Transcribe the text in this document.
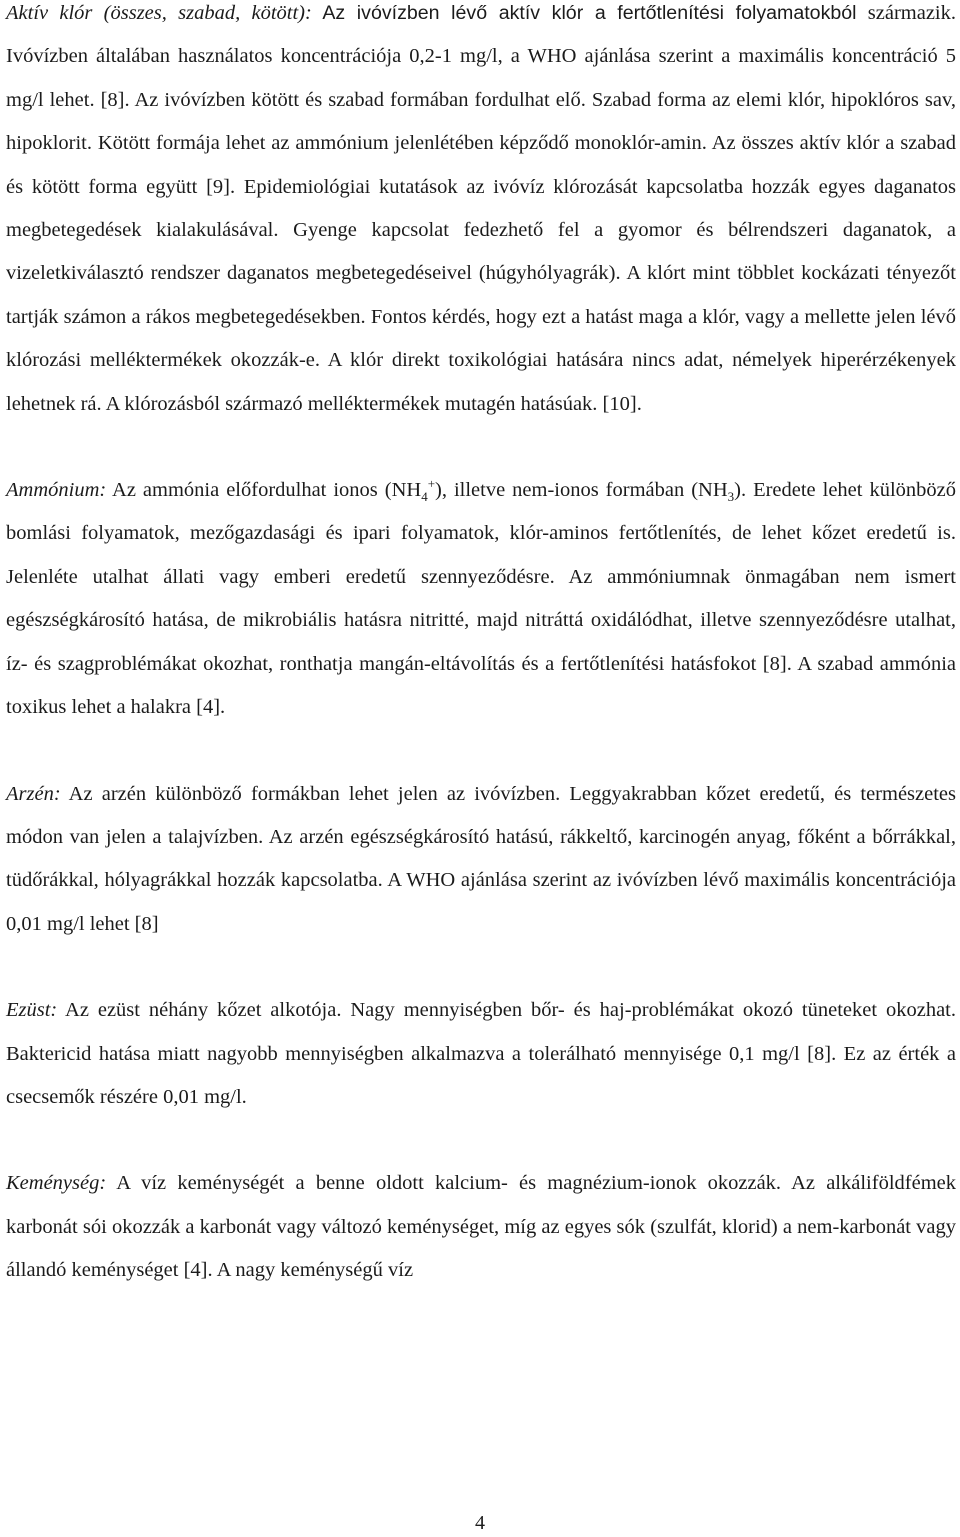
Aktív klór (összes, szabad, kötött): Az ivóvízben lévő aktív klór a fertőtlenítési folyamatokból származik. Ivóvízben általában használatos koncentrációja 0,2-1 mg/l, a WHO ajánlása szerint a maximális koncentráció 5 mg/l lehet. [8]. Az ivóvízben kötött és szabad formában fordulhat elő. Szabad forma az elemi klór, hipoklóros sav, hipoklorit. Kötött formája lehet az ammónium jelenlétében képződő monoklór-amin. Az összes aktív klór a szabad és kötött forma együtt [9]. Epidemiológiai kutatások az ivóvíz klórozását kapcsolatba hozzák egyes daganatos megbetegedések kialakulásával. Gyenge kapcsolat fedezhető fel a gyomor és bélrendszeri daganatok, a vizeletkiválasztó rendszer daganatos megbetegedéseivel (húgyhólyagrák). A klórt mint többlet kockázati tényezőt tartják számon a rákos megbetegedésekben. Fontos kérdés, hogy ezt a hatást maga a klór, vagy a mellette jelen lévő klórozási melléktermékek okozzák-e. A klór direkt toxikológiai hatására nincs adat, némelyek hiperérzékenyek lehetnek rá. A klórozásból származó melléktermékek mutagén hatásúak. [10].

Ammónium: Az ammónia előfordulhat ionos $(NH_4^+)$, illetve nem-ionos formában $(NH_3)$. Eredete lehet különböző bomlási folyamatok, mezőgazdasági és ipari folyamatok, klór-aminos fertőtlenítés, de lehet kőzet eredetű is. Jelenléte utalhat állati vagy emberi eredetű szennyeződésre. Az ammóniumnak önmagában nem ismert egészségkárosító hatása, de mikrobiális hatásra nitritté, majd nitráttá oxidálódhat, illetve szennyeződésre utalhat, íz- és szagproblémákat okozhat, ronthatja mangán-eltávolítás és a fertőtlenítési hatásfokot [8]. A szabad ammónia toxikus lehet a halakra [4].

Arzén: Az arzén különböző formákban lehet jelen az ivóvízben. Leggyakrabban kőzet eredetű, és természetes módon van jelen a talajvízben. Az arzén egészségkárosító hatású, rákkeltő, karcinogén anyag, főként a bőrrákkal, tüdőrákkal, hólyagrákkal hozzák kapcsolatba. A WHO ajánlása szerint az ivóvízben lévő maximális koncentrációja 0,01 mg/l lehet [8]

Ezüst: Az ezüst néhány kőzet alkotója. Nagy mennyiségben bőr- és haj-problémákat okozó tüneteket okozhat. Baktericid hatása miatt nagyobb mennyiségben alkalmazva a tolerálható mennyisége 0,1 mg/l [8]. Ez az érték a csecsemők részére 0,01 mg/l.

Keménység: A víz keménységét a benne oldott kalcium- és magnézium-ionok okozzák. Az alkáliföldfémek karbonát sói okozzák a karbonát vagy változó keménységet, míg az egyes sók (szulfát, klorid) a nem-karbonát vagy állandó keménységet [4]. A nagy keménységű víz

4
